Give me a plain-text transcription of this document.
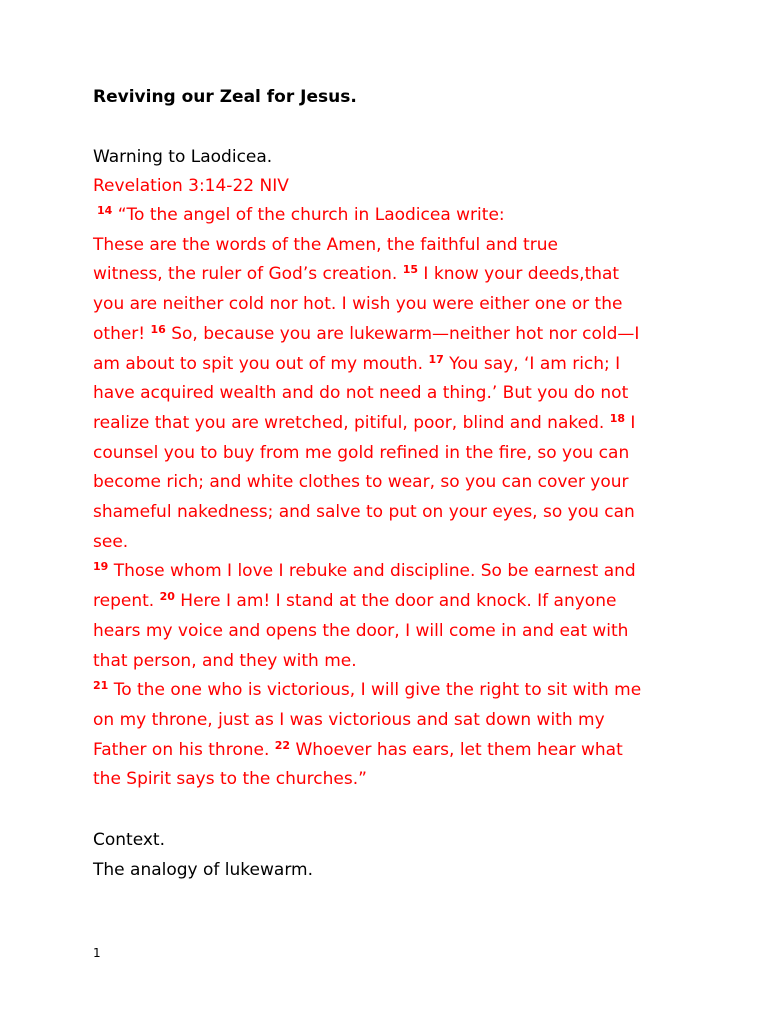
Reviving our Zeal for Jesus.
Warning to Laodicea.
Revelation 3:14-22 NIV
$^{14}$ “To the angel of the church in Laodicea write:
These are the words of the Amen, the faithful and true
witness, the ruler of God’s creation. $^{15}$ I know your deeds,that
you are neither cold nor hot. I wish you were either one or the
other! $^{16}$ So, because you are lukewarm—neither hot nor cold—I
am about to spit you out of my mouth. $^{17}$ You say, ‘I am rich; I
have acquired wealth and do not need a thing.’ But you do not
realize that you are wretched, pitiful, poor, blind and naked. $^{18}$ I
counsel you to buy from me gold refined in the fire, so you can
become rich; and white clothes to wear, so you can cover your
shameful nakedness; and salve to put on your eyes, so you can
see.
$^{19}$ Those whom I love I rebuke and discipline. So be earnest and
repent. $^{20}$ Here I am! I stand at the door and knock. If anyone
hears my voice and opens the door, I will come in and eat with
that person, and they with me.
$^{21}$ To the one who is victorious, I will give the right to sit with me
on my throne, just as I was victorious and sat down with my
Father on his throne. $^{22}$ Whoever has ears, let them hear what
the Spirit says to the churches.”
Context.
The analogy of lukewarm.
1
